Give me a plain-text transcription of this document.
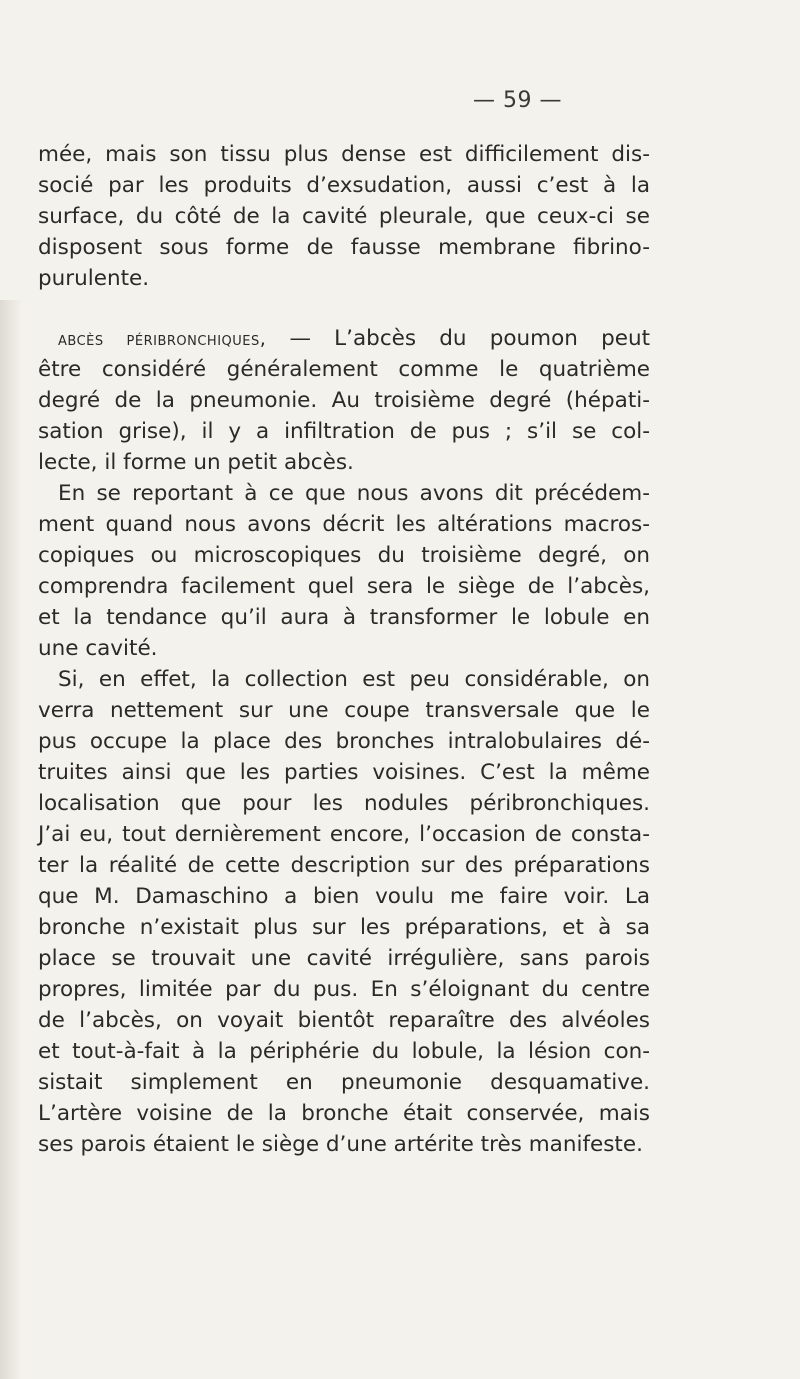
— 59 —
mée, mais son tissu plus dense est difficilement dis-
socié par les produits d’exsudation, aussi c’est à la
surface, du côté de la cavité pleurale, que ceux-ci se
disposent sous forme de fausse membrane fibrino-
purulente.
abcès péribronchiques, — L’abcès du poumon peut
être considéré généralement comme le quatrième
degré de la pneumonie. Au troisième degré (hépati-
sation grise), il y a infiltration de pus ; s’il se col-
lecte, il forme un petit abcès.
En se reportant à ce que nous avons dit précédem-
ment quand nous avons décrit les altérations macros-
copiques ou microscopiques du troisième degré, on
comprendra facilement quel sera le siège de l’abcès,
et la tendance qu’il aura à transformer le lobule en
une cavité.
Si, en effet, la collection est peu considérable, on
verra nettement sur une coupe transversale que le
pus occupe la place des bronches intralobulaires dé-
truites ainsi que les parties voisines. C’est la même
localisation que pour les nodules péribronchiques.
J’ai eu, tout dernièrement encore, l’occasion de consta-
ter la réalité de cette description sur des préparations
que M. Damaschino a bien voulu me faire voir. La
bronche n’existait plus sur les préparations, et à sa
place se trouvait une cavité irrégulière, sans parois
propres, limitée par du pus. En s’éloignant du centre
de l’abcès, on voyait bientôt reparaître des alvéoles
et tout-à-fait à la périphérie du lobule, la lésion con-
sistait simplement en pneumonie desquamative.
L’artère voisine de la bronche était conservée, mais
ses parois étaient le siège d’une artérite très manifeste.
